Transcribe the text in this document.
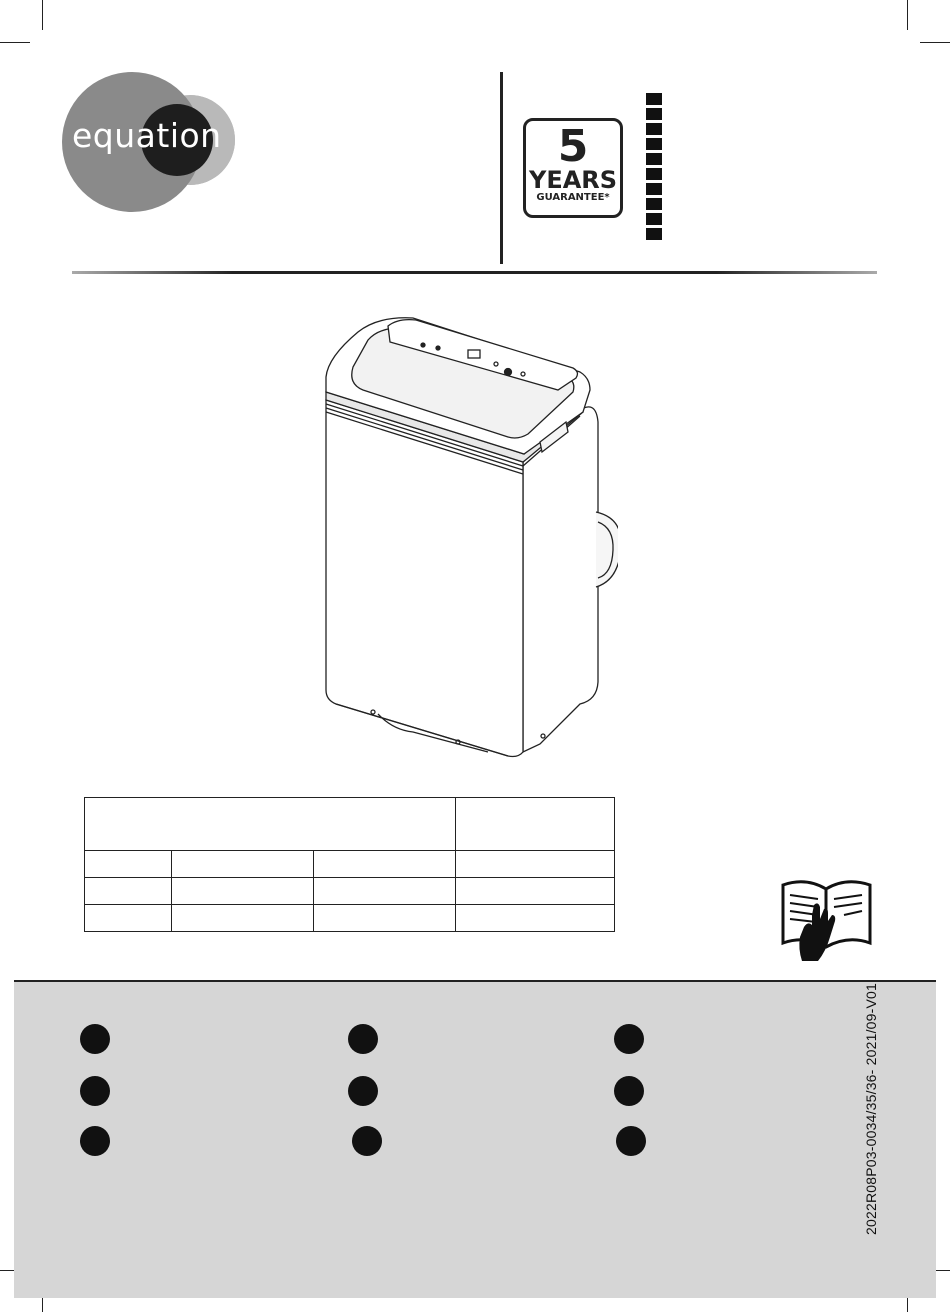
equation	5
YEARS
GUARANTEE*

2022R08P03-0034/35/36- 2021/09-V01
